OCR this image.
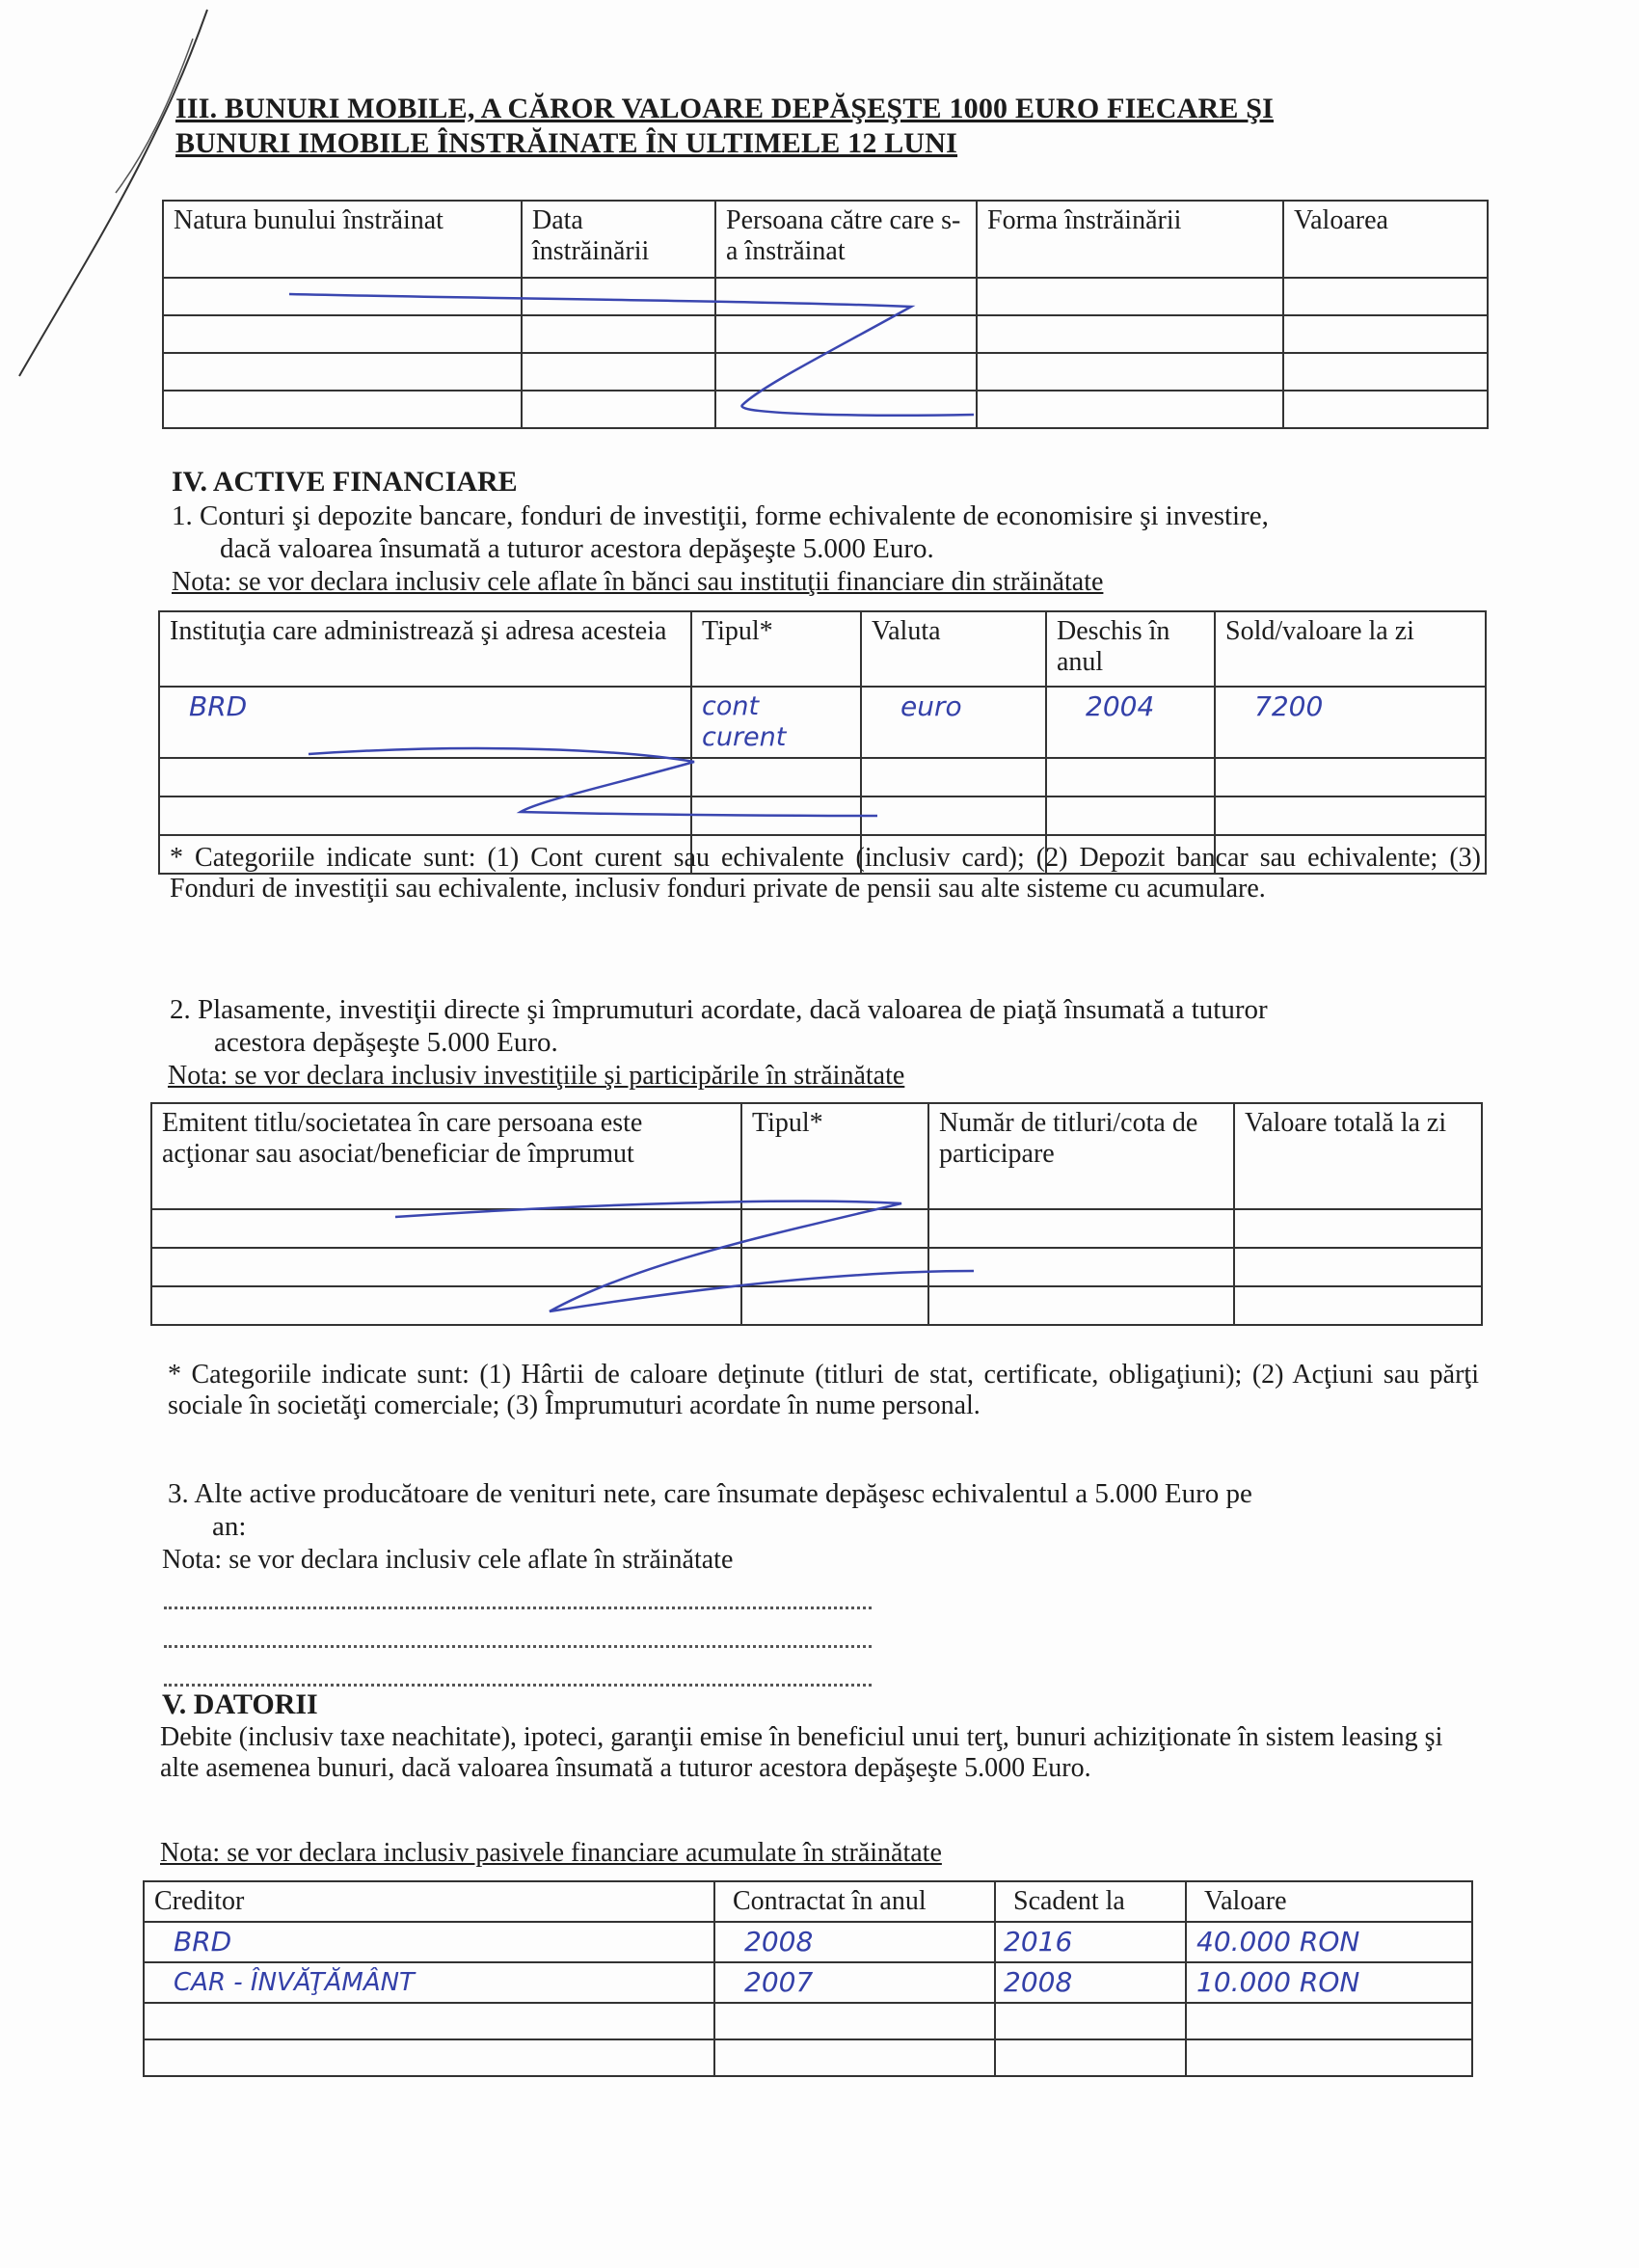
III. BUNURI MOBILE, A CĂROR VALOARE DEPĂŞEŞTE 1000 EURO FIECARE ŞI
BUNURI IMOBILE ÎNSTRĂINATE ÎN ULTIMELE 12 LUNI
Natura bunului înstrăinat	Data înstrăinării	Persoana către care s-a înstrăinat	Forma înstrăinării	Valoarea

IV. ACTIVE FINANCIARE
1. Conturi şi depozite bancare, fonduri de investiţii, forme echivalente de economisire şi investire,
dacă valoarea însumată a tuturor acestora depăşeşte 5.000 Euro.
Nota: se vor declara inclusiv cele aflate în bănci sau instituţii financiare din străinătate
Instituţia care administrează şi adresa acesteia	Tipul*	Valuta	Deschis în anul	Sold/valoare la zi
BRD	cont curent	euro	2004	7200

* Categoriile indicate sunt: (1) Cont curent sau echivalente (inclusiv card); (2) Depozit bancar sau echivalente; (3) Fonduri de investiţii sau echivalente, inclusiv fonduri private de pensii sau alte sisteme cu acumulare.
2. Plasamente, investiţii directe şi împrumuturi acordate, dacă valoarea de piaţă însumată a tuturor
acestora depăşeşte 5.000 Euro.
Nota: se vor declara inclusiv investiţiile şi participările în străinătate
Emitent titlu/societatea în care persoana este acţionar sau asociat/beneficiar de împrumut	Tipul*	Număr de titluri/cota de participare	Valoare totală la zi

* Categoriile indicate sunt: (1) Hârtii de caloare deţinute (titluri de stat, certificate, obligaţiuni); (2) Acţiuni sau părţi sociale în societăţi comerciale; (3) Împrumuturi acordate în nume personal.
3. Alte active producătoare de venituri nete, care însumate depăşesc echivalentul a 5.000 Euro pe
an:
Nota: se vor declara inclusiv cele aflate în străinătate
V. DATORII
Debite (inclusiv taxe neachitate), ipoteci, garanţii emise în beneficiul unui terţ, bunuri achiziţionate în sistem leasing şi alte asemenea bunuri, dacă valoarea însumată a tuturor acestora depăşeşte 5.000 Euro.
Nota: se vor declara inclusiv pasivele financiare acumulate în străinătate
Creditor	Contractat în anul	Scadent la	Valoare
BRD	2008	2016	40.000 RON
CAR - ÎNVĂŢĂMÂNT	2007	2008	10.000 RON
